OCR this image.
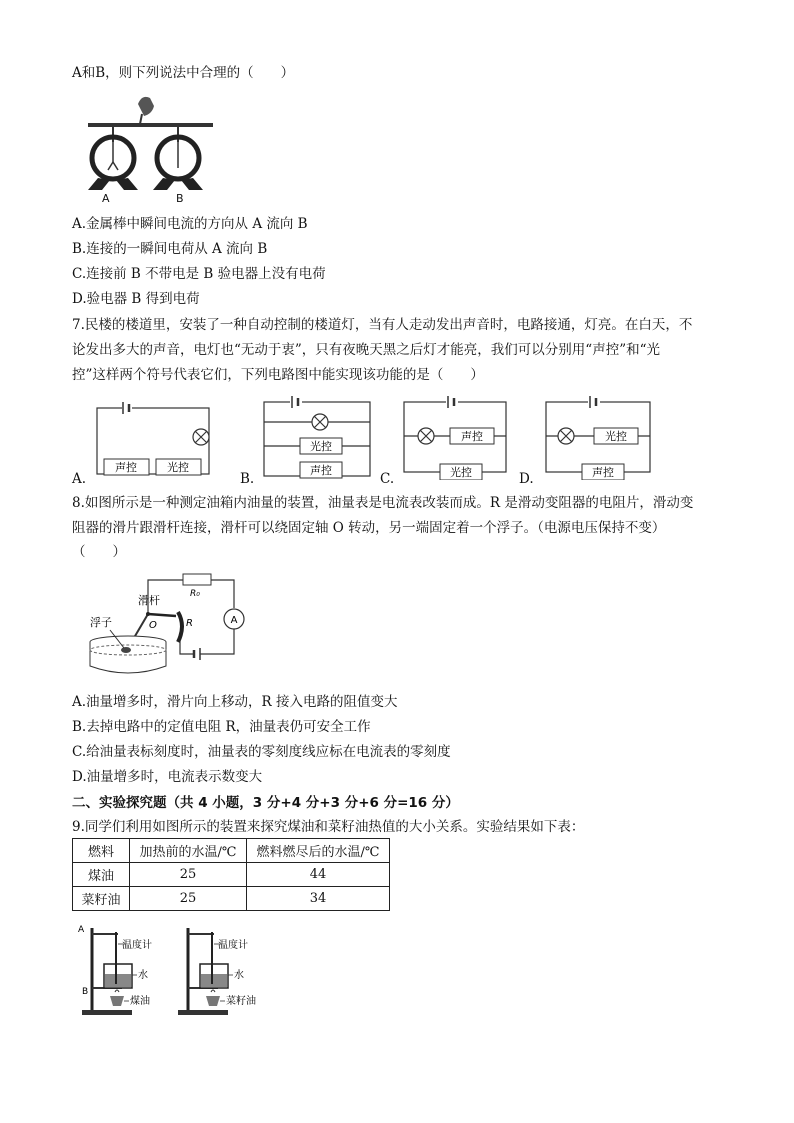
A和B，则下列说法中合理的（　　）
A	B
A.金属棒中瞬间电流的方向从 A 流向 B
B.连接的一瞬间电荷从 A 流向 B
C.连接前 B 不带电是 B 验电器上没有电荷
D.验电器 B 得到电荷
7.民楼的楼道里，安装了一种自动控制的楼道灯，当有人走动发出声音时，电路接通，灯亮。在白天，不
论发出多大的声音，电灯也“无动于衷”，只有夜晚天黑之后灯才能亮，我们可以分别用“声控”和“光
控”这样两个符号代表它们，下列电路图中能实现该功能的是（　　）
声控	光控
A.
光控
声控
B.
声控
光控
C.
光控
声控
D.
8.如图所示是一种测定油箱内油量的装置，油量表是电流表改装而成。R 是滑动变阻器的电阻片，滑动变
阻器的滑片跟滑杆连接，滑杆可以绕固定轴 O 转动，另一端固定着一个浮子。（电源电压保持不变）
（　　）
浮子
滑杆
O	R
R₀
A
A.油量增多时，滑片向上移动，R 接入电路的阻值变大
B.去掉电路中的定值电阻 R，油量表仍可安全工作
C.给油量表标刻度时，油量表的零刻度线应标在电流表的零刻度
D.油量增多时，电流表示数变大
二、实验探究题（共 4 小题，3 分+4 分+3 分+6 分=16 分）
9.同学们利用如图所示的装置来探究煤油和菜籽油热值的大小关系。实验结果如下表：
燃料	加热前的水温/℃	燃料燃尽后的水温/℃
煤油	25	44
菜籽油	25	34
A
B
温度计
水
煤油
温度计
水
菜籽油
